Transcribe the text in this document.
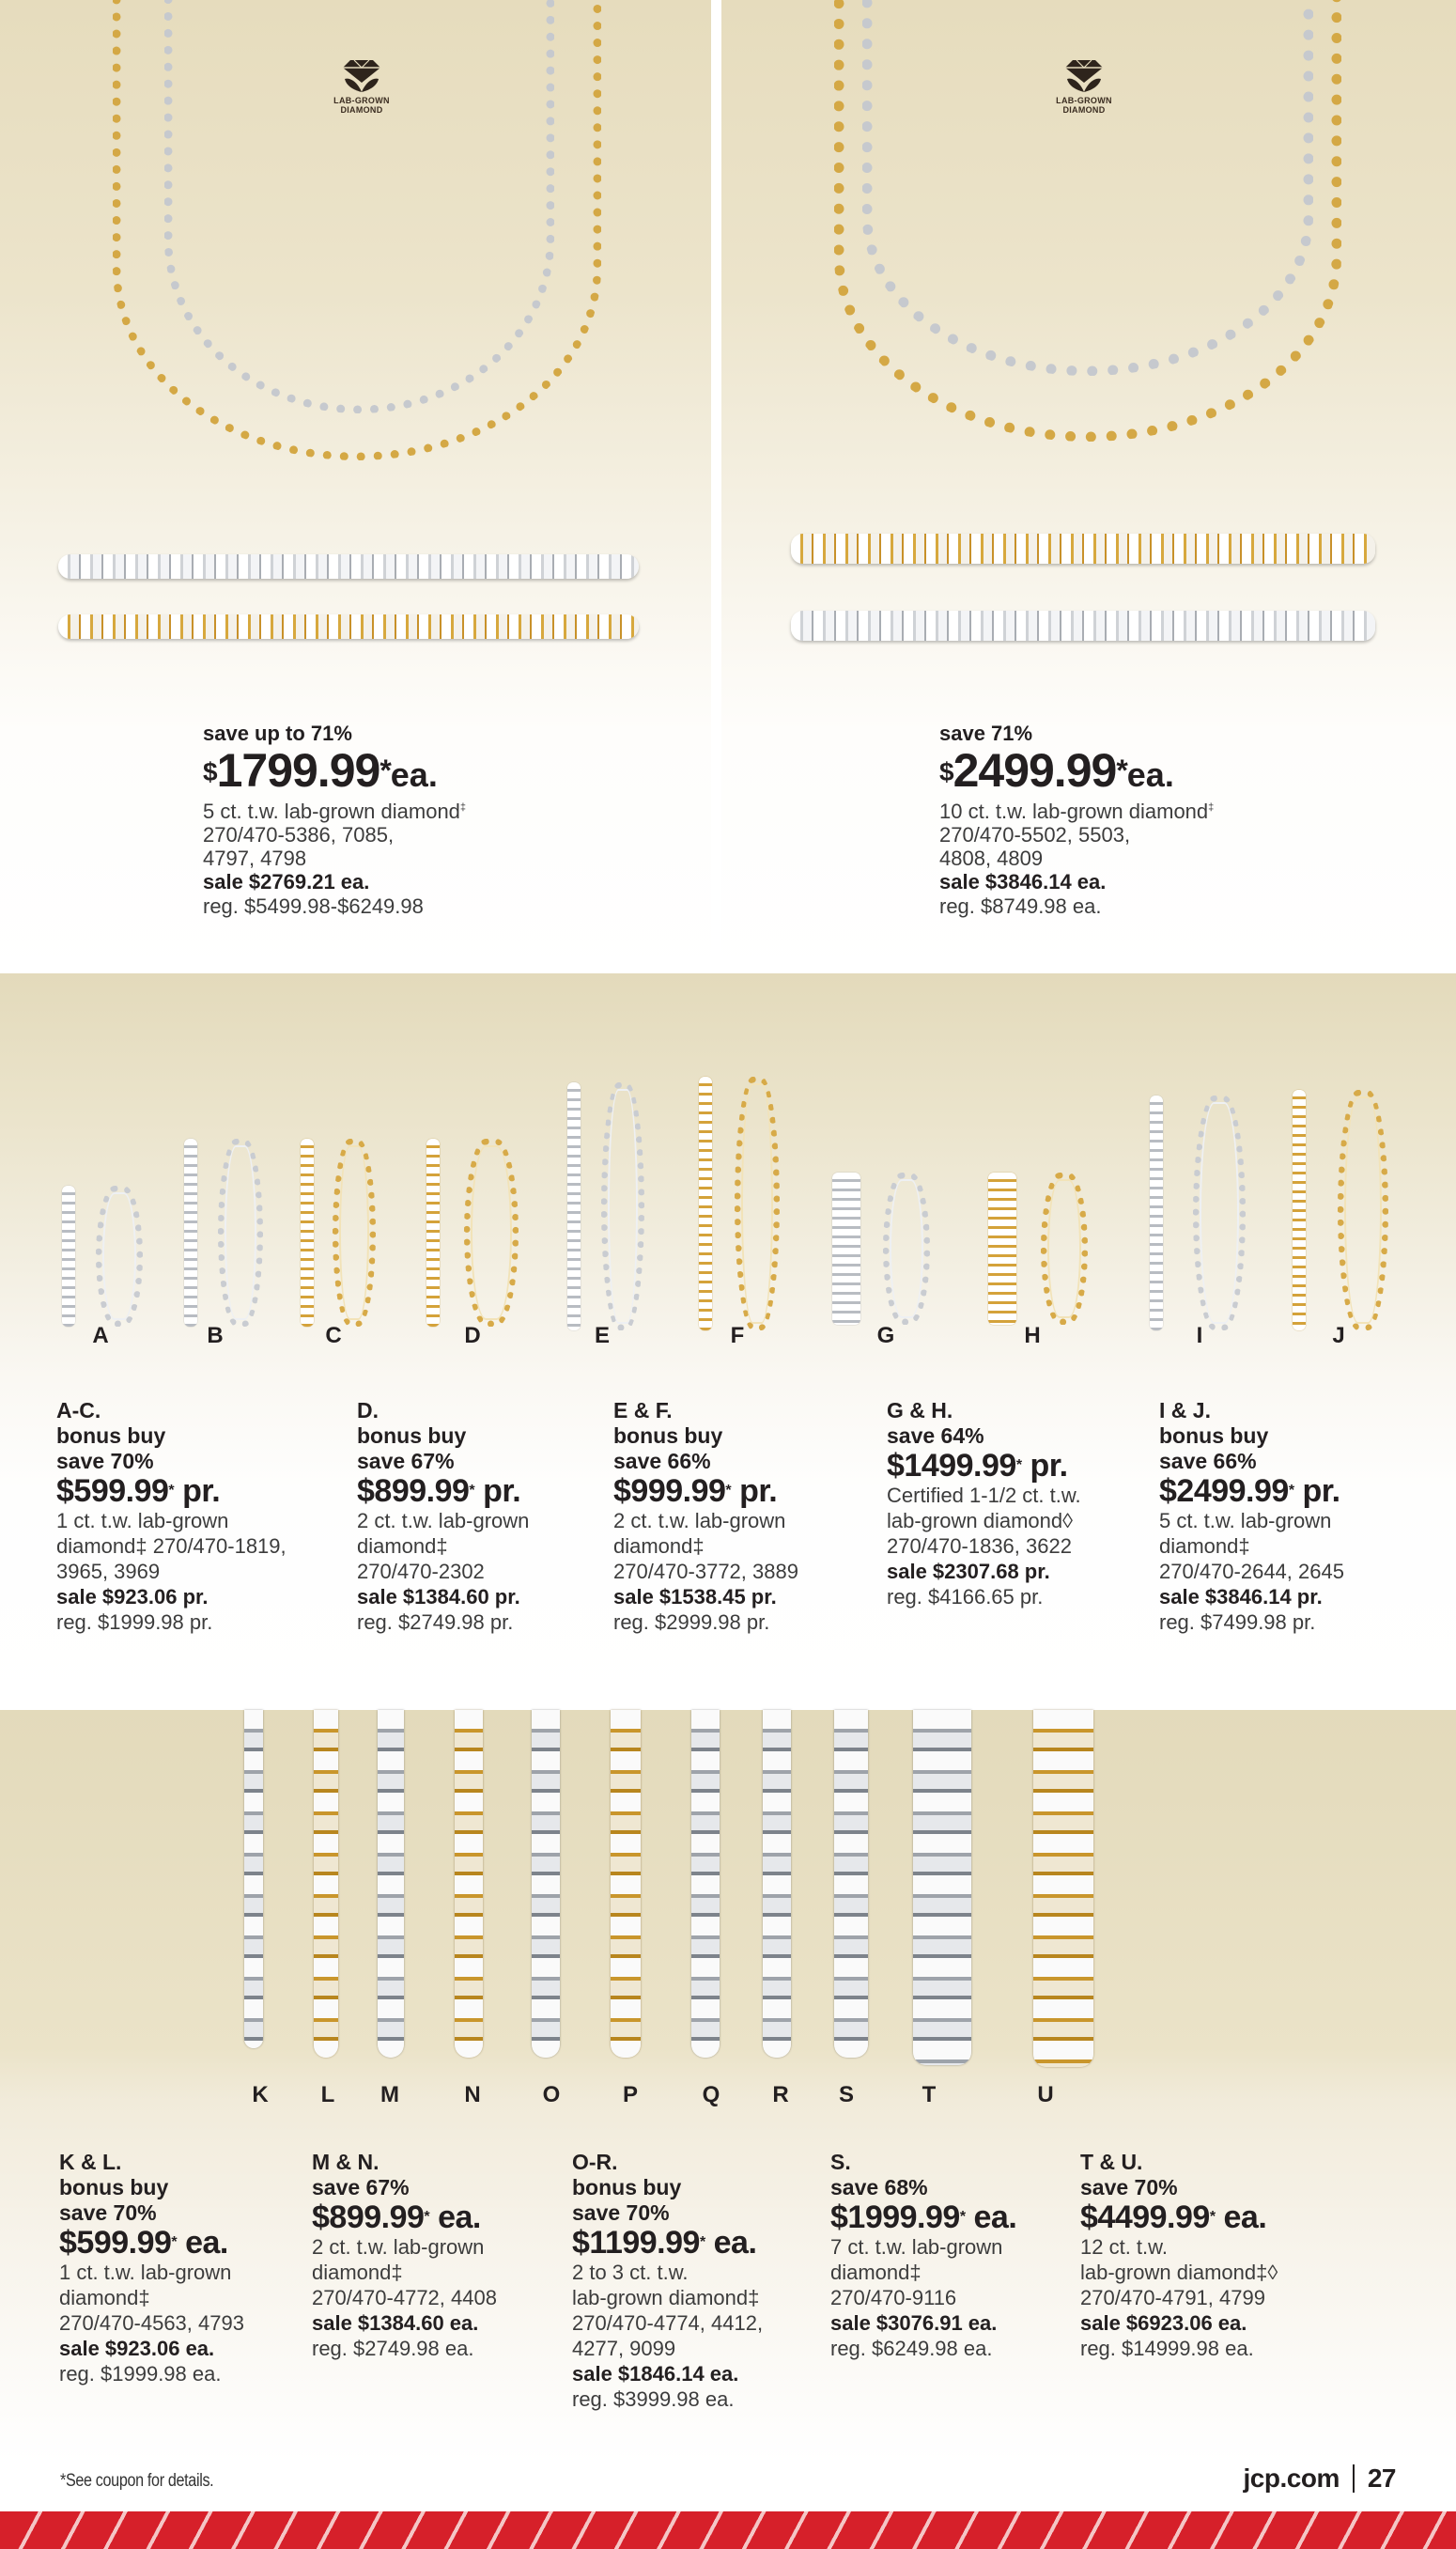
LAB-GROWN
DIAMOND
save up to 71%
$1799.99*ea.
5 ct. t.w. lab-grown diamond‡
270/470-5386, 7085,
4797, 4798
sale $2769.21 ea.
reg. $5499.98-$6249.98
LAB-GROWN
DIAMOND
save 71%
$2499.99*ea.
10 ct. t.w. lab-grown diamond‡
270/470-5502, 5503,
4808, 4809
sale $3846.14 ea.
reg. $8749.98 ea.
A	B	C	D	E	F	G	H	I	J
A-C.
bonus buy
save 70%
$599.99* pr.
1 ct. t.w. lab-grown
diamond‡ 270/470-1819,
3965, 3969
sale $923.06 pr.
reg. $1999.98 pr.
D.
bonus buy
save 67%
$899.99* pr.
2 ct. t.w. lab-grown
diamond‡
270/470-2302
sale $1384.60 pr.
reg. $2749.98 pr.
E & F.
bonus buy
save 66%
$999.99* pr.
2 ct. t.w. lab-grown
diamond‡
270/470-3772, 3889
sale $1538.45 pr.
reg. $2999.98 pr.
G & H.
save 64%
$1499.99* pr.
Certified 1-1/2 ct. t.w.
lab-grown diamond◊
270/470-1836, 3622
sale $2307.68 pr.
reg. $4166.65 pr.
I & J.
bonus buy
save 66%
$2499.99* pr.
5 ct. t.w. lab-grown
diamond‡
270/470-2644, 2645
sale $3846.14 pr.
reg. $7499.98 pr.
K	L	M	N	O	P	Q R S	T	U
K & L.
bonus buy
save 70%
$599.99* ea.
1 ct. t.w. lab-grown
diamond‡
270/470-4563, 4793
sale $923.06 ea.
reg. $1999.98 ea.
M & N.
save 67%
$899.99* ea.
2 ct. t.w. lab-grown
diamond‡
270/470-4772, 4408
sale $1384.60 ea.
reg. $2749.98 ea.
O-R.
bonus buy
save 70%
$1199.99* ea.
2 to 3 ct. t.w.
lab-grown diamond‡
270/470-4774, 4412,
4277, 9099
sale $1846.14 ea.
reg. $3999.98 ea.
S.
save 68%
$1999.99* ea.
7 ct. t.w. lab-grown
diamond‡
270/470-9116
sale $3076.91 ea.
reg. $6249.98 ea.
T & U.
save 70%
$4499.99* ea.
12 ct. t.w.
lab-grown diamond‡◊
270/470-4791, 4799
sale $6923.06 ea.
reg. $14999.98 ea.
*See coupon for details.	jcp.com 27
